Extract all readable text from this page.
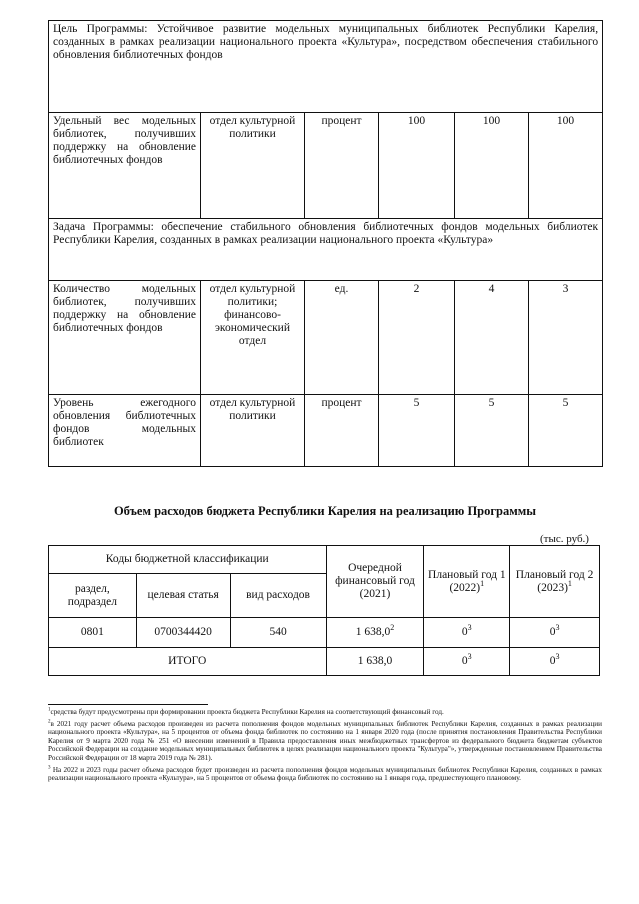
Цель Программы: Устойчивое развитие модельных муниципальных библиотек Республики Карелия, созданных в рамках реализации национального проекта «Культура», посредством обеспечения стабильного обновления библиотечных фондов					
Удельный вес модельных библиотек, получивших поддержку на обновление библиотечных фондов	отдел культурной политики	процент	100	100	100
Задача Программы: обеспечение стабильного обновления библиотечных фондов модельных библиотек Республики Карелия, созданных в рамках реализации национального проекта «Культура»					
Количество модельных библиотек, получивших поддержку на обновление библиотечных фондов	отдел культурной политики; финансово-экономический отдел	ед.	2	4	3
Уровень ежегодного обновления библиотечных фондов модельных библиотек	отдел культурной политики	процент	5	5	5
Объем расходов бюджета Республики Карелия на реализацию Программы
(тыс. руб.)
Коды бюджетной классификации			Очередной финансовый год (2021)	Плановый год 1 $(2022)^1$	Плановый год 2 $(2023)^1$
раздел, подраздел	целевая статья	вид расходов			
0801	0700344420	540	1 638,0$^2$	$0^3$	$0^3$
ИТОГО			1 638,0	$0^3$	$0^3$

$^1$средства будут предусмотрены при формировании проекта бюджета Республики Карелия на соответствующий финансовый год.

$^2$в 2021 году расчет объема расходов произведен из расчета пополнения фондов модельных муниципальных библиотек Республики Карелия, созданных в рамках реализации национального проекта «Культура», на 5 процентов от объема фонда библиотек по состоянию на 1 января 2020 года (после принятия постановления Правительства Республики Карелия от 9 марта 2020 года № 251 «О внесении изменений в Правила предоставления иных межбюджетных трансфертов из федерального бюджета бюджетам субъектов Российской Федерации на создание модельных муниципальных библиотек в целях реализации национального проекта "Культура"», утвержденные постановлением Правительства Российской Федерации от 18 марта 2019 года № 281).

$^3$ На 2022 и 2023 годы расчет объема расходов будет произведен из расчета пополнения фондов модельных муниципальных библиотек Республики Карелия, созданных в рамках реализации национального проекта «Культура», на 5 процентов от объема фонда библиотек по состоянию на 1 января года, предшествующего плановому.
